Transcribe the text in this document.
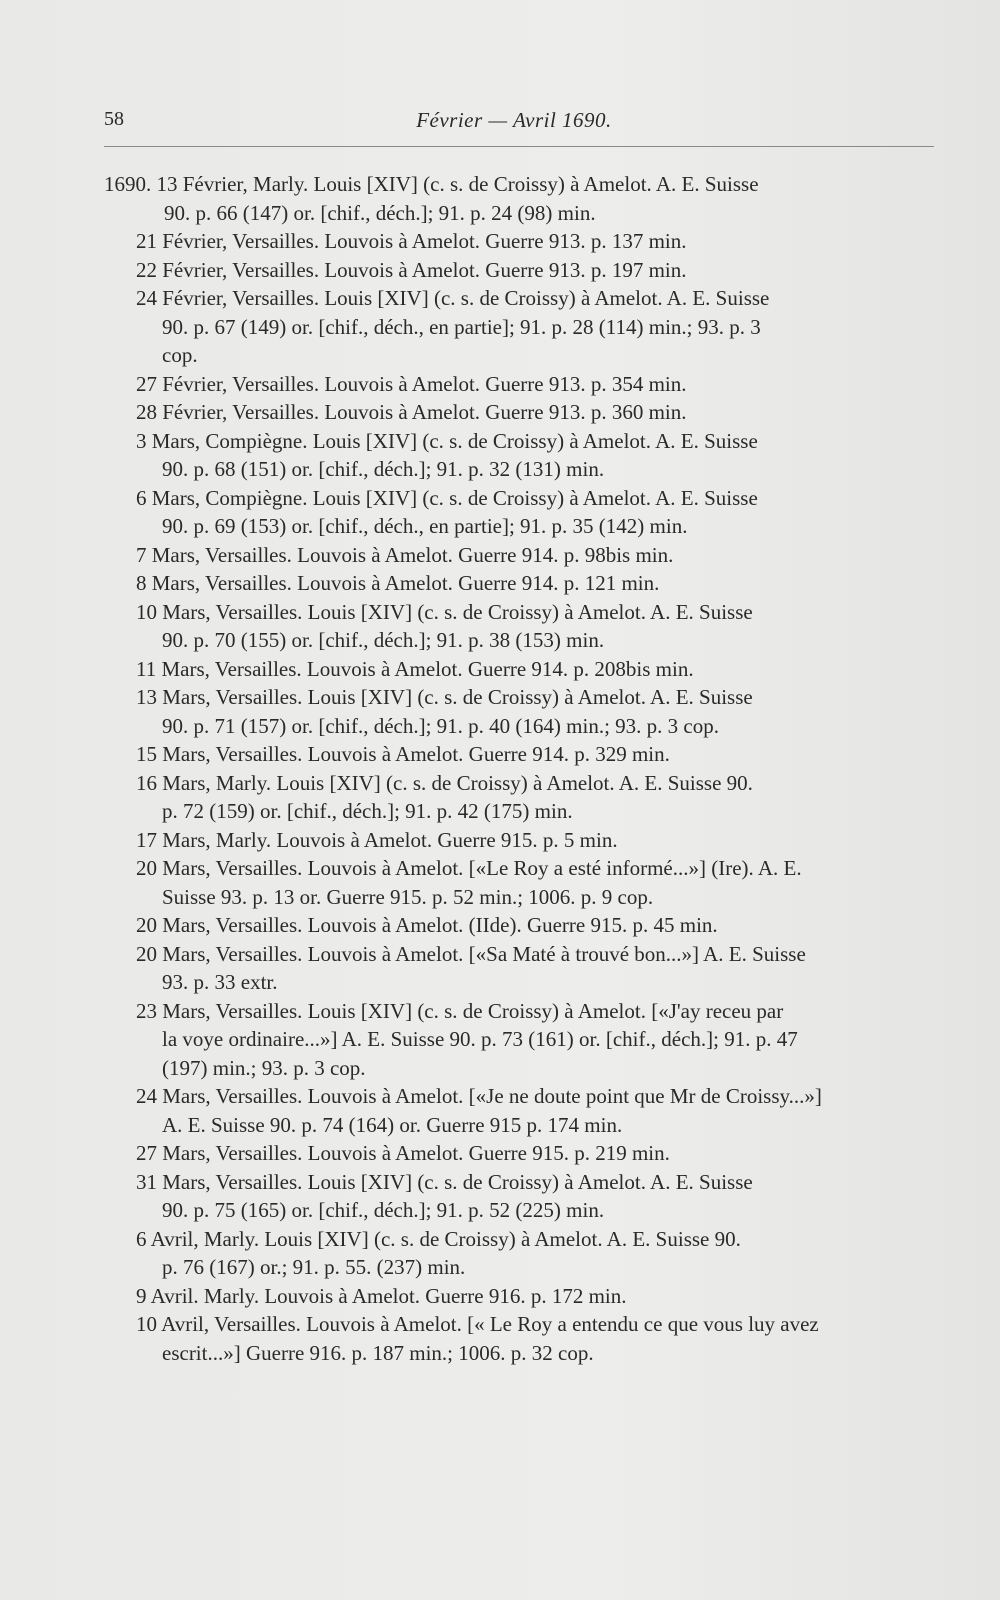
58	Février — Avril 1690.
1690. 13 Février, Marly. Louis [XIV] (c. s. de Croissy) à Amelot. A. E. Suisse
90. p. 66 (147) or. [chif., déch.]; 91. p. 24 (98) min.
21 Février, Versailles. Louvois à Amelot. Guerre 913. p. 137 min.
22 Février, Versailles. Louvois à Amelot. Guerre 913. p. 197 min.
24 Février, Versailles. Louis [XIV] (c. s. de Croissy) à Amelot. A. E. Suisse
90. p. 67 (149) or. [chif., déch., en partie]; 91. p. 28 (114) min.; 93. p. 3
cop.
27 Février, Versailles. Louvois à Amelot. Guerre 913. p. 354 min.
28 Février, Versailles. Louvois à Amelot. Guerre 913. p. 360 min.
3 Mars, Compiègne. Louis [XIV] (c. s. de Croissy) à Amelot. A. E. Suisse
90. p. 68 (151) or. [chif., déch.]; 91. p. 32 (131) min.
6 Mars, Compiègne. Louis [XIV] (c. s. de Croissy) à Amelot. A. E. Suisse
90. p. 69 (153) or. [chif., déch., en partie]; 91. p. 35 (142) min.
7 Mars, Versailles. Louvois à Amelot. Guerre 914. p. 98bis min.
8 Mars, Versailles. Louvois à Amelot. Guerre 914. p. 121 min.
10 Mars, Versailles. Louis [XIV] (c. s. de Croissy) à Amelot. A. E. Suisse
90. p. 70 (155) or. [chif., déch.]; 91. p. 38 (153) min.
11 Mars, Versailles. Louvois à Amelot. Guerre 914. p. 208bis min.
13 Mars, Versailles. Louis [XIV] (c. s. de Croissy) à Amelot. A. E. Suisse
90. p. 71 (157) or. [chif., déch.]; 91. p. 40 (164) min.; 93. p. 3 cop.
15 Mars, Versailles. Louvois à Amelot. Guerre 914. p. 329 min.
16 Mars, Marly. Louis [XIV] (c. s. de Croissy) à Amelot. A. E. Suisse 90.
p. 72 (159) or. [chif., déch.]; 91. p. 42 (175) min.
17 Mars, Marly. Louvois à Amelot. Guerre 915. p. 5 min.
20 Mars, Versailles. Louvois à Amelot. [«Le Roy a esté informé...»] (Ire). A. E.
Suisse 93. p. 13 or. Guerre 915. p. 52 min.; 1006. p. 9 cop.
20 Mars, Versailles. Louvois à Amelot. (IIde). Guerre 915. p. 45 min.
20 Mars, Versailles. Louvois à Amelot. [«Sa Maté à trouvé bon...»] A. E. Suisse
93. p. 33 extr.
23 Mars, Versailles. Louis [XIV] (c. s. de Croissy) à Amelot. [«J'ay receu par
la voye ordinaire...»] A. E. Suisse 90. p. 73 (161) or. [chif., déch.]; 91. p. 47
(197) min.; 93. p. 3 cop.
24 Mars, Versailles. Louvois à Amelot. [«Je ne doute point que Mr de Croissy...»]
A. E. Suisse 90. p. 74 (164) or. Guerre 915 p. 174 min.
27 Mars, Versailles. Louvois à Amelot. Guerre 915. p. 219 min.
31 Mars, Versailles. Louis [XIV] (c. s. de Croissy) à Amelot. A. E. Suisse
90. p. 75 (165) or. [chif., déch.]; 91. p. 52 (225) min.
6 Avril, Marly. Louis [XIV] (c. s. de Croissy) à Amelot. A. E. Suisse 90.
p. 76 (167) or.; 91. p. 55. (237) min.
9 Avril. Marly. Louvois à Amelot. Guerre 916. p. 172 min.
10 Avril, Versailles. Louvois à Amelot. [« Le Roy a entendu ce que vous luy avez
escrit...»] Guerre 916. p. 187 min.; 1006. p. 32 cop.
